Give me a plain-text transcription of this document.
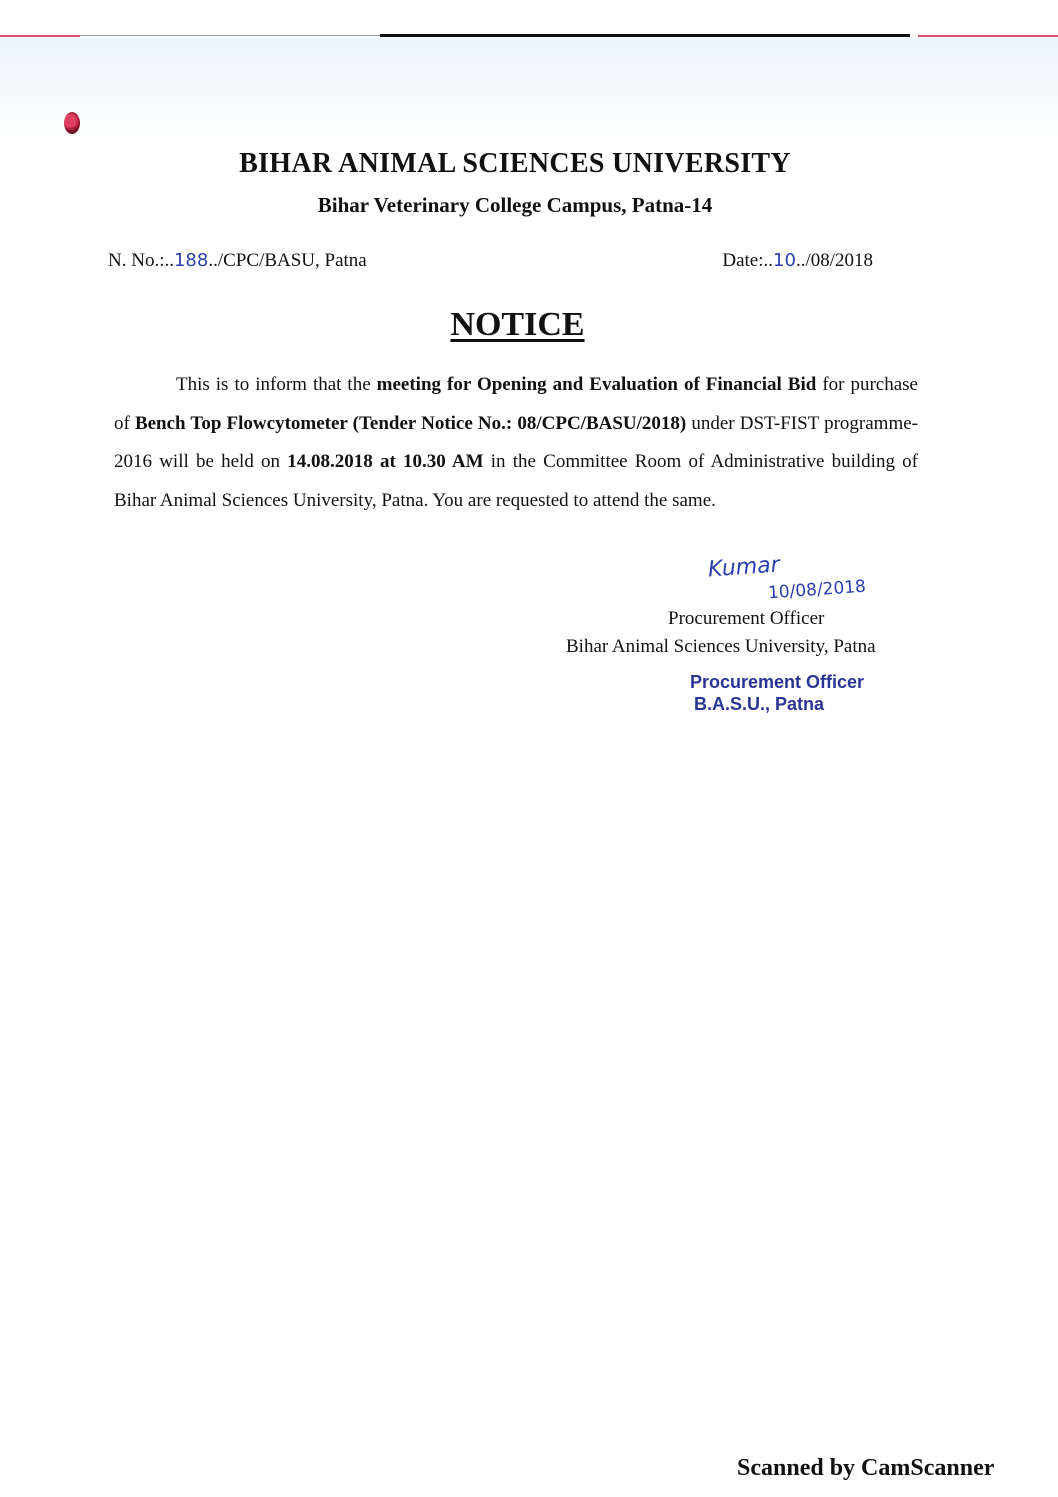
BIHAR ANIMAL SCIENCES UNIVERSITY
Bihar Veterinary College Campus, Patna-14
N. No.:..188../CPC/BASU, Patna	Date:..10../08/2018
NOTICE

This is to inform that the meeting for Opening and Evaluation of Financial Bid for purchase of Bench Top Flowcytometer (Tender Notice No.: 08/CPC/BASU/2018) under DST-FIST programme-2016 will be held on 14.08.2018 at 10.30 AM in the Committee Room of Administrative building of Bihar Animal Sciences University, Patna. You are requested to attend the same.

Kumar
10/08/2018
Procurement Officer
Bihar Animal Sciences University, Patna
Procurement Officer
B.A.S.U., Patna
Scanned by CamScanner
